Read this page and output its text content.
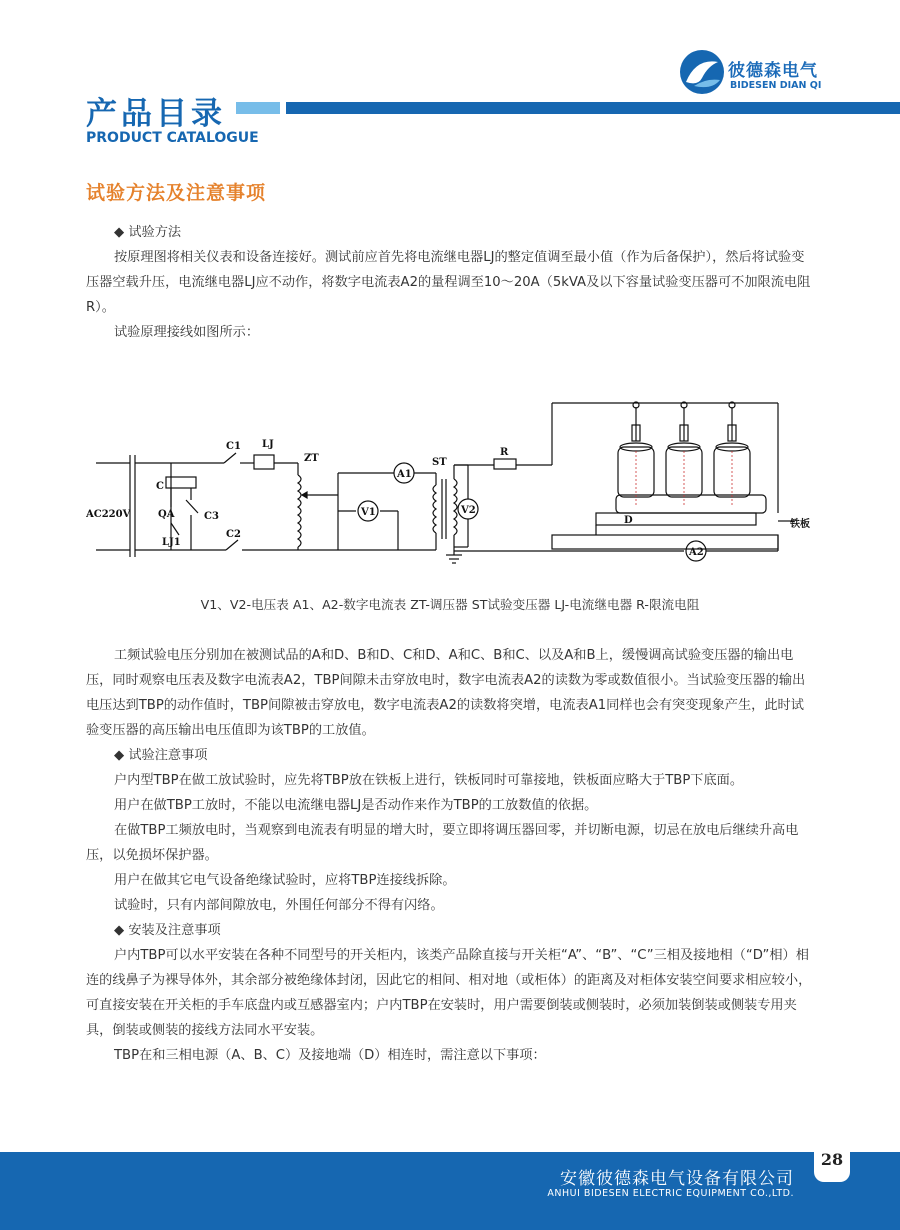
彼德森电气
BIDESEN DIAN QI
产品目录
PRODUCT CATALOGUE
试验方法及注意事项

◆ 试验方法

按原理图将相关仪表和设备连接好。测试前应首先将电流继电器LJ的整定值调至最小值（作为后备保护），然后将试验变压器空载升压，电流继电器LJ应不动作，将数字电流表A2的量程调至10～20A（5kVA及以下容量试验变压器可不加限流电阻R）。

试验原理接线如图所示：

AC220V
C1 LJ
ZT
A1
ST
R
C
QA	C3
C2
LJ1
V1	V2
D
A2
铁板
V1、V2-电压表 A1、A2-数字电流表 ZT-调压器 ST试验变压器 LJ-电流继电器 R-限流电阻

工频试验电压分别加在被测试品的A和D、B和D、C和D、A和C、B和C、以及A和B上，缓慢调高试验变压器的输出电压，同时观察电压表及数字电流表A2，TBP间隙未击穿放电时，数字电流表A2的读数为零或数值很小。当试验变压器的输出电压达到TBP的动作值时，TBP间隙被击穿放电，数字电流表A2的读数将突增，电流表A1同样也会有突变现象产生，此时试验变压器的高压输出电压值即为该TBP的工放值。

◆ 试验注意事项

户内型TBP在做工放试验时，应先将TBP放在铁板上进行，铁板同时可靠接地，铁板面应略大于TBP下底面。

用户在做TBP工放时，不能以电流继电器LJ是否动作来作为TBP的工放数值的依据。

在做TBP工频放电时，当观察到电流表有明显的增大时，要立即将调压器回零，并切断电源，切忌在放电后继续升高电压，以免损坏保护器。

用户在做其它电气设备绝缘试验时，应将TBP连接线拆除。

试验时，只有内部间隙放电，外围任何部分不得有闪络。

◆ 安装及注意事项

户内TBP可以水平安装在各种不同型号的开关柜内，该类产品除直接与开关柜“A”、“B”、“C”三相及接地相（“D”相）相连的线鼻子为裸导体外，其余部分被绝缘体封闭，因此它的相间、相对地（或柜体）的距离及对柜体安装空间要求相应较小，可直接安装在开关柜的手车底盘内或互感器室内；户内TBP在安装时，用户需要倒装或侧装时，必须加装倒装或侧装专用夹具，倒装或侧装的接线方法同水平安装。

TBP在和三相电源（A、B、C）及接地端（D）相连时，需注意以下事项：

安徽彼德森电气设备有限公司
ANHUI BIDESEN ELECTRIC EQUIPMENT CO.,LTD.
28
